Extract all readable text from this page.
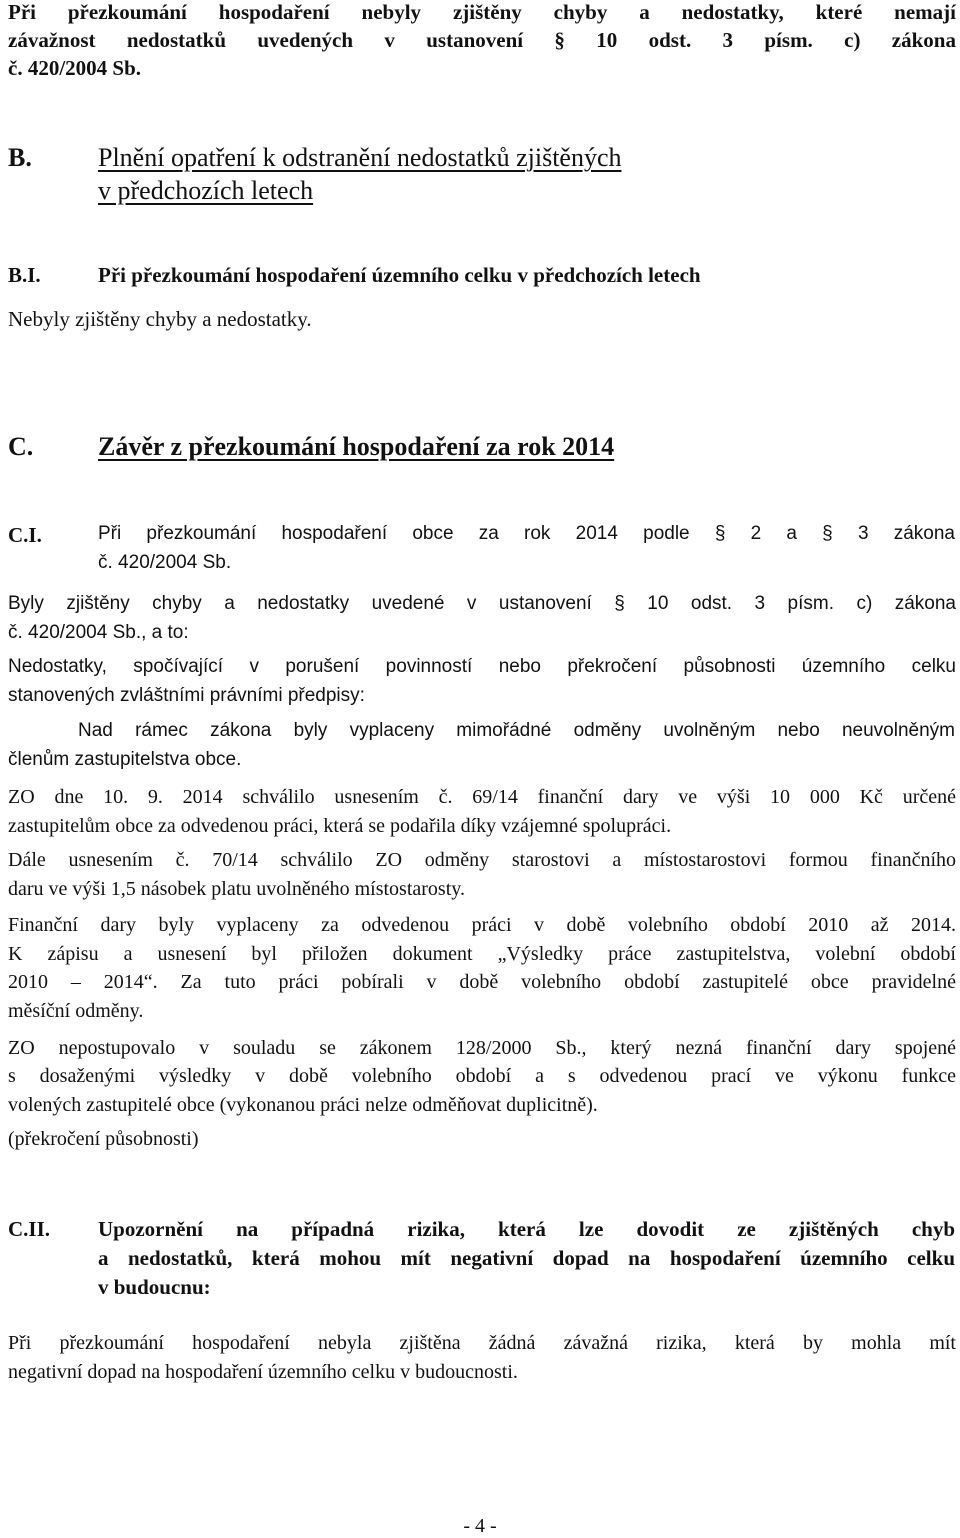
Při přezkoumání hospodaření nebyly zjištěny chyby a nedostatky, které nemají
závažnost nedostatků uvedených v ustanovení § 10 odst. 3 písm. c) zákona
č. 420/2004 Sb.
B.	Plnění opatření k odstranění nedostatků zjištěných
v předchozích letech
B.I.	Při přezkoumání hospodaření územního celku v předchozích letech
Nebyly zjištěny chyby a nedostatky.
C. Závěr z přezkoumání hospodaření za rok 2014
C.I.	Při přezkoumání hospodaření obce za rok 2014 podle § 2 a § 3 zákona
č. 420/2004 Sb.
Byly zjištěny chyby a nedostatky uvedené v ustanovení § 10 odst. 3 písm. c) zákona
č. 420/2004 Sb., a to:
Nedostatky, spočívající v porušení povinností nebo překročení působnosti územního celku
stanovených zvláštními právními předpisy:
Nad rámec zákona byly vyplaceny mimořádné odměny uvolněným nebo neuvolněným
členům zastupitelstva obce.
ZO dne 10. 9. 2014 schválilo usnesením č. 69/14 finanční dary ve výši 10 000 Kč určené
zastupitelům obce za odvedenou práci, která se podařila díky vzájemné spolupráci.
Dále usnesením č. 70/14 schválilo ZO odměny starostovi a místostarostovi formou finančního
daru ve výši 1,5 násobek platu uvolněného místostarosty.
Finanční dary byly vyplaceny za odvedenou práci v době volebního období 2010 až 2014.
K zápisu a usnesení byl přiložen dokument „Výsledky práce zastupitelstva, volební období
2010 – 2014“. Za tuto práci pobírali v době volebního období zastupitelé obce pravidelné
měsíční odměny.
ZO nepostupovalo v souladu se zákonem 128/2000 Sb., který nezná finanční dary spojené
s dosaženými výsledky v době volebního období a s odvedenou prací ve výkonu funkce
volených zastupitelé obce (vykonanou práci nelze odměňovat duplicitně).
(překročení působnosti)
C.II. Upozornění na případná rizika, která lze dovodit ze zjištěných chyb
a nedostatků, která mohou mít negativní dopad na hospodaření územního celku
v budoucnu:
Při přezkoumání hospodaření nebyla zjištěna žádná závažná rizika, která by mohla mít
negativní dopad na hospodaření územního celku v budoucnosti.
- 4 -
